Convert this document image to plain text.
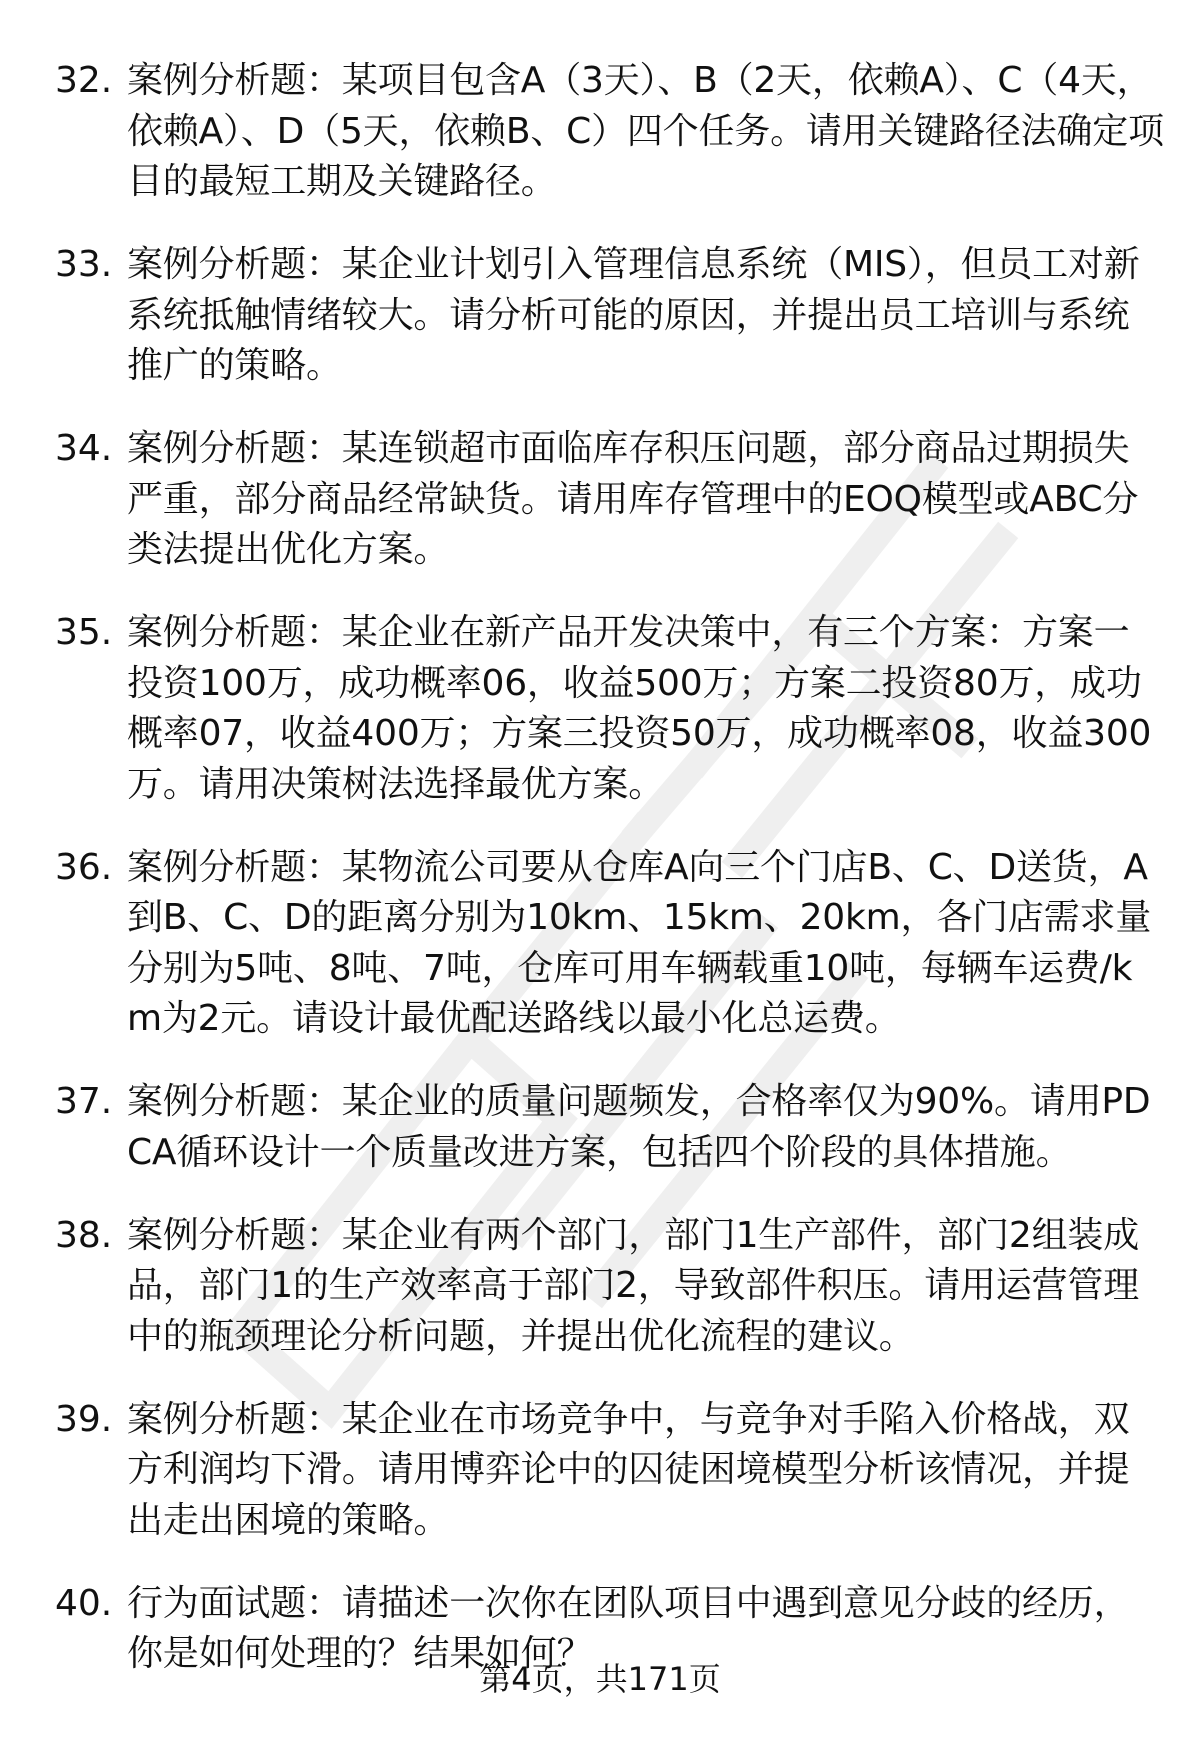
32. 案例分析题：某项目包含A（3天）、B（2天，依赖A）、C（4天，依赖A）、D（5天，依赖B、C）四个任务。请用关键路径法确定项目的最短工期及关键路径。
33. 案例分析题：某企业计划引入管理信息系统（MIS），但员工对新系统抵触情绪较大。请分析可能的原因，并提出员工培训与系统推广的策略。
34. 案例分析题：某连锁超市面临库存积压问题，部分商品过期损失严重，部分商品经常缺货。请用库存管理中的EOQ模型或ABC分类法提出优化方案。
35. 案例分析题：某企业在新产品开发决策中，有三个方案：方案一投资100万，成功概率06，收益500万；方案二投资80万，成功概率07，收益400万；方案三投资50万，成功概率08，收益300万。请用决策树法选择最优方案。
36. 案例分析题：某物流公司要从仓库A向三个门店B、C、D送货，A到B、C、D的距离分别为10km、15km、20km，各门店需求量分别为5吨、8吨、7吨，仓库可用车辆载重10吨，每辆车运费/km为2元。请设计最优配送路线以最小化总运费。
37. 案例分析题：某企业的质量问题频发，合格率仅为90%。请用PDCA循环设计一个质量改进方案，包括四个阶段的具体措施。
38. 案例分析题：某企业有两个部门，部门1生产部件，部门2组装成品，部门1的生产效率高于部门2，导致部件积压。请用运营管理中的瓶颈理论分析问题，并提出优化流程的建议。
39. 案例分析题：某企业在市场竞争中，与竞争对手陷入价格战，双方利润均下滑。请用博弈论中的囚徒困境模型分析该情况，并提出走出困境的策略。
40. 行为面试题：请描述一次你在团队项目中遇到意见分歧的经历，你是如何处理的？结果如何？
第4页，共171页
